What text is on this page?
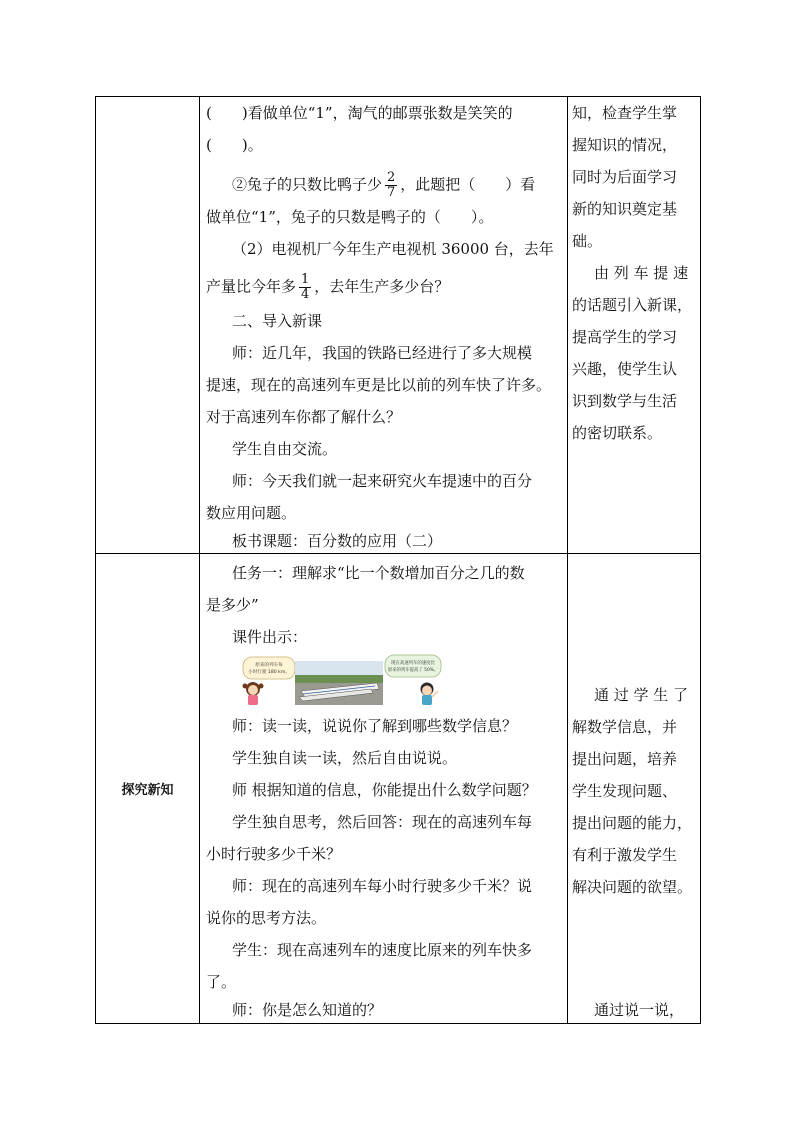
探究新知
(　　)看做单位“1”，淘气的邮票张数是笑笑的
(　　)。
②兔子的只数比鸭子少 $\frac{2}{7}$ ，此题把（　　）看
做单位“1”，兔子的只数是鸭子的（　　）。
（2）电视机厂今年生产电视机 36000 台，去年
产量比今年多 $\frac{1}{4}$ ，去年生产多少台？
二、导入新课
师：近几年，我国的铁路已经进行了多大规模
提速，现在的高速列车更是比以前的列车快了许多。
对于高速列车你都了解什么？
学生自由交流。
师：今天我们就一起来研究火车提速中的百分
数应用问题。
板书课题：百分数的应用（二）
任务一：理解求“比一个数增加百分之几的数
是多少”
课件出示：
原来的列车每
小时行驶 180 km。
现在高速列车的速度比
原来的列车提高了 50%。
师：读一读，说说你了解到哪些数学信息？
学生独自读一读，然后自由说说。
师 根据知道的信息，你能提出什么数学问题？
学生独自思考，然后回答：现在的高速列车每
小时行驶多少千米？
师：现在的高速列车每小时行驶多少千米？说
说你的思考方法。
学生：现在高速列车的速度比原来的列车快多
了。
师：你是怎么知道的？
知，检查学生掌
握知识的情况，
同时为后面学习
新的知识奠定基
础。
由 列 车 提 速
的话题引入新课，
提高学生的学习
兴趣，使学生认
识到数学与生活
的密切联系。
通 过 学 生 了
解数学信息，并
提出问题，培养
学生发现问题、
提出问题的能力，
有利于激发学生
解决问题的欲望。
通过说一说，
